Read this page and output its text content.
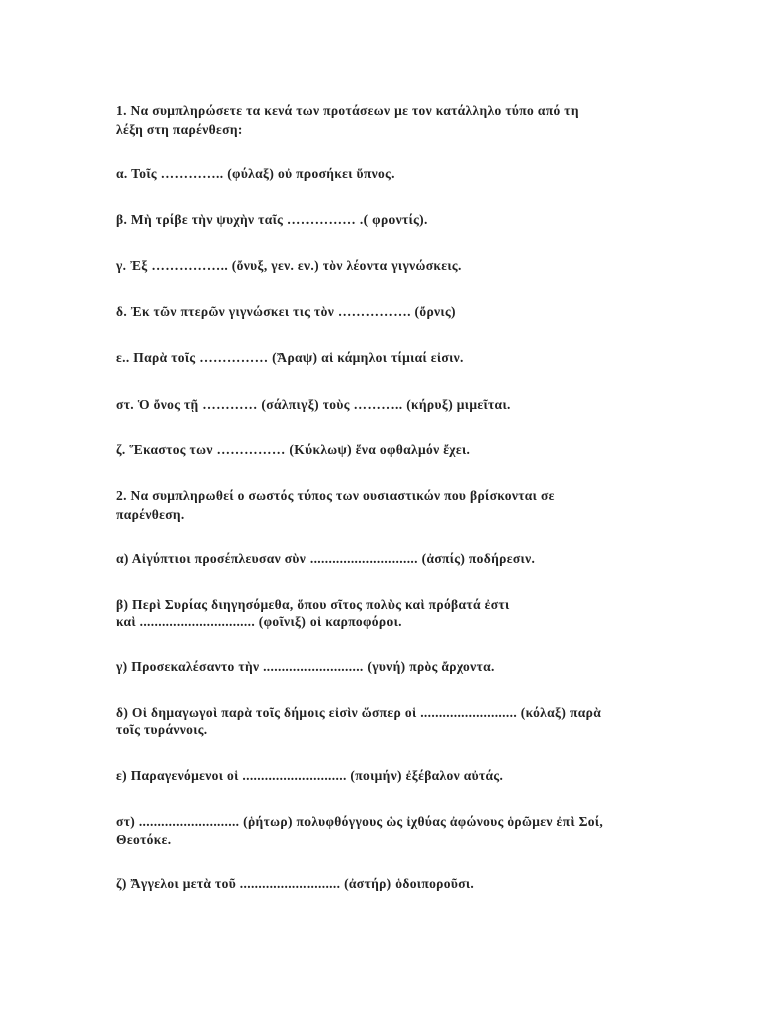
1. Να συμπληρώσετε τα κενά των προτάσεων με τον κατάλληλο τύπο από τη
λέξη στη παρένθεση:
α. Τοῖς ………….. (φύλαξ) οὐ προσήκει ὕπνος.
β. Μὴ τρίβε τὴν ψυχὴν ταῖς …………… .( φροντίς).
γ. Ἐξ …………….. (ὄνυξ, γεν. εν.) τὸν λέοντα γιγνώσκεις.
δ. Ἐκ τῶν πτερῶν γιγνώσκει τις τὸν ……………. (ὄρνις)
ε.. Παρὰ τοῖς …………… (Ἄραψ) αἱ κάμηλοι τίμιαί εἰσιν.
στ. Ὁ ὄνος τῇ ………… (σάλπιγξ) τοὺς ……….. (κήρυξ) μιμεῖται.
ζ. Ἕκαστος των …………… (Κύκλωψ) ἕνα οφθαλμόν ἔχει.
2. Να συμπληρωθεί ο σωστός τύπος των ουσιαστικών που βρίσκονται σε
παρένθεση.
α) Αἰγύπτιοι προσέπλευσαν σὺν ............................. (ἀσπίς) ποδήρεσιν.
β) Περὶ Συρίας διηγησόμεθα, ὅπου σῖτος πολὺς καὶ πρόβατά ἐστι
καὶ ............................... (φοῖνιξ) οἱ καρποφόροι.
γ) Προσεκαλέσαντο τὴν ........................... (γυνή) πρὸς ἄρχοντα.
δ) Οἱ δημαγωγοὶ παρὰ τοῖς δήμοις εἰσὶν ὥσπερ οἱ .......................... (κόλαξ) παρὰ
τοῖς τυράννοις.
ε) Παραγενόμενοι οἱ ............................ (ποιμήν) ἐξέβαλον αὐτάς.
στ) ........................... (ῥήτωρ) πολυφθόγγους ὡς ἰχθύας ἀφώνους ὁρῶμεν ἐπὶ Σοί,
Θεοτόκε.
ζ) Ἄγγελοι μετὰ τοῦ ........................... (ἀστήρ) ὁδοιποροῦσι.
